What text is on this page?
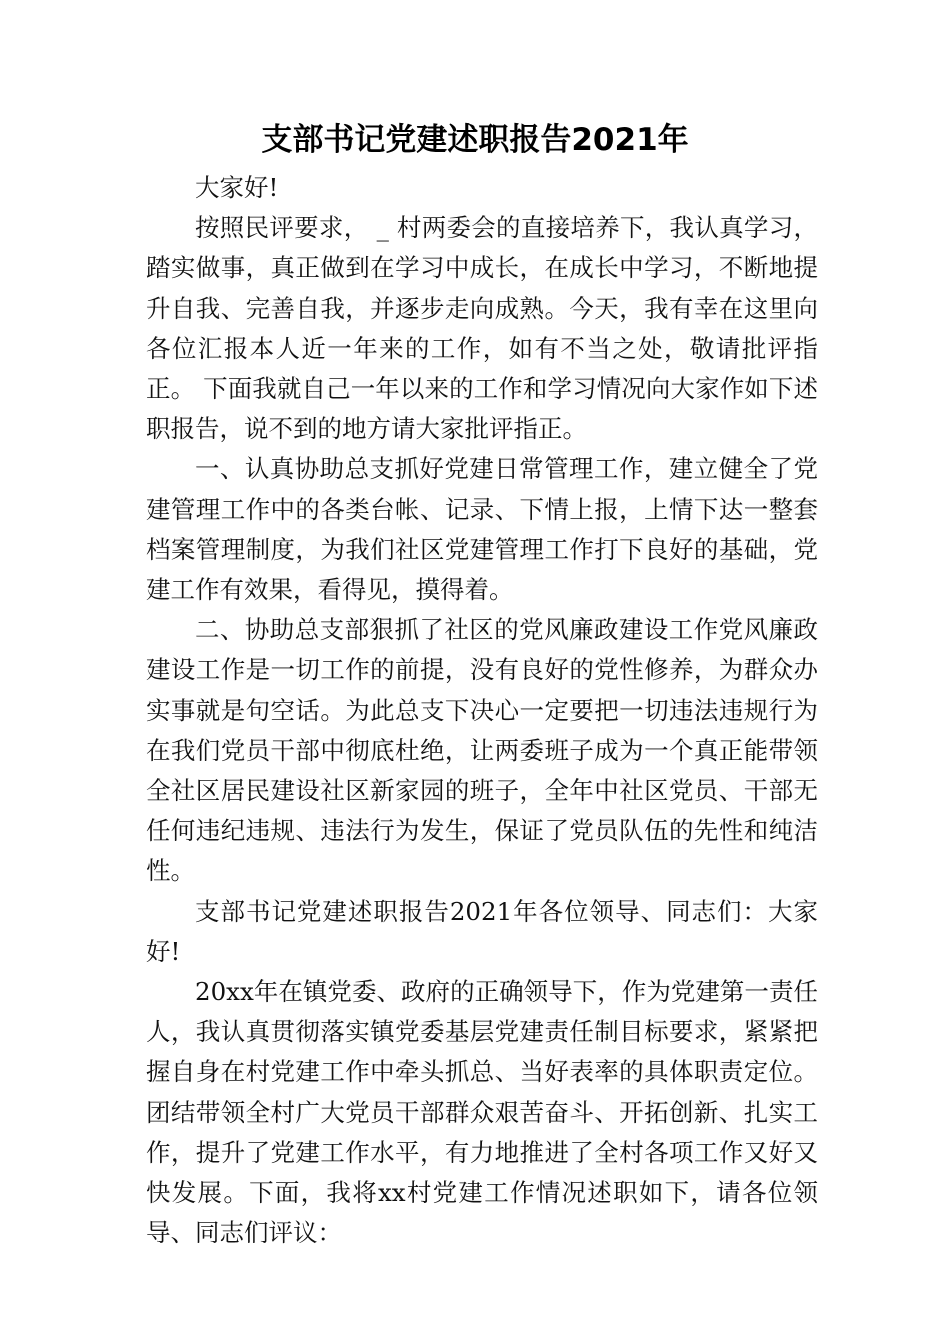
支部书记党建述职报告2021年

大家好!

按照民评要求， _ 村两委会的直接培养下，我认真学习，踏实做事，真正做到在学习中成长，在成长中学习，不断地提升自我、完善自我，并逐步走向成熟。今天，我有幸在这里向各位汇报本人近一年来的工作，如有不当之处，敬请批评指正。 下面我就自己一年以来的工作和学习情况向大家作如下述职报告，说不到的地方请大家批评指正。

一、认真协助总支抓好党建日常管理工作，建立健全了党建管理工作中的各类台帐、记录、下情上报，上情下达一整套档案管理制度，为我们社区党建管理工作打下良好的基础，党建工作有效果，看得见，摸得着。

二、协助总支部狠抓了社区的党风廉政建设工作党风廉政建设工作是一切工作的前提，没有良好的党性修养，为群众办实事就是句空话。为此总支下决心一定要把一切违法违规行为在我们党员干部中彻底杜绝，让两委班子成为一个真正能带领全社区居民建设社区新家园的班子，全年中社区党员、干部无任何违纪违规、违法行为发生，保证了党员队伍的先性和纯洁性。

支部书记党建述职报告2021年各位领导、同志们：大家好!

20xx年在镇党委、政府的正确领导下，作为党建第一责任人，我认真贯彻落实镇党委基层党建责任制目标要求，紧紧把握自身在村党建工作中牵头抓总、当好表率的具体职责定位。团结带领全村广大党员干部群众艰苦奋斗、开拓创新、扎实工作，提升了党建工作水平，有力地推进了全村各项工作又好又快发展。下面，我将xx村党建工作情况述职如下，请各位领导、同志们评议：
